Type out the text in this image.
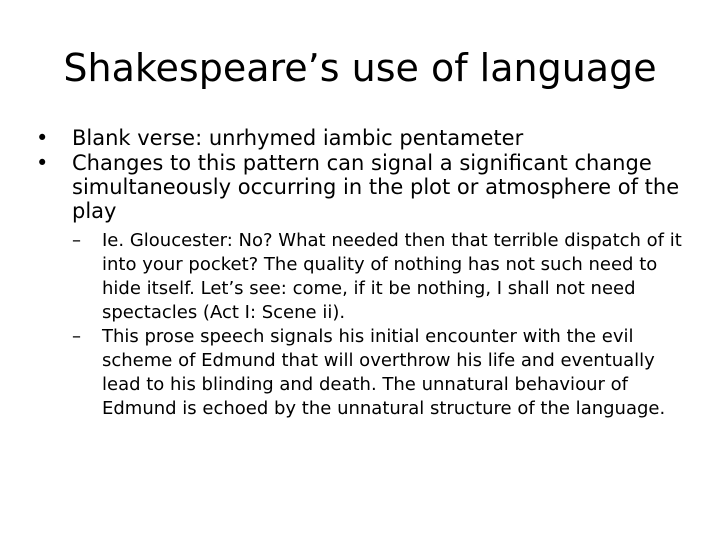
Shakespeare’s use of language
•	Blank verse: unrhymed iambic pentameter
•	Changes to this pattern can signal a significant change simultaneously occurring in the plot or atmosphere of the play
–	Ie. Gloucester: No? What needed then that terrible dispatch of it into your pocket? The quality of nothing has not such need to hide itself. Let’s see: come, if it be nothing, I shall not need spectacles (Act I: Scene ii).
–	This prose speech signals his initial encounter with the evil scheme of Edmund that will overthrow his life and eventually lead to his blinding and death. The unnatural behaviour of Edmund is echoed by the unnatural structure of the language.
